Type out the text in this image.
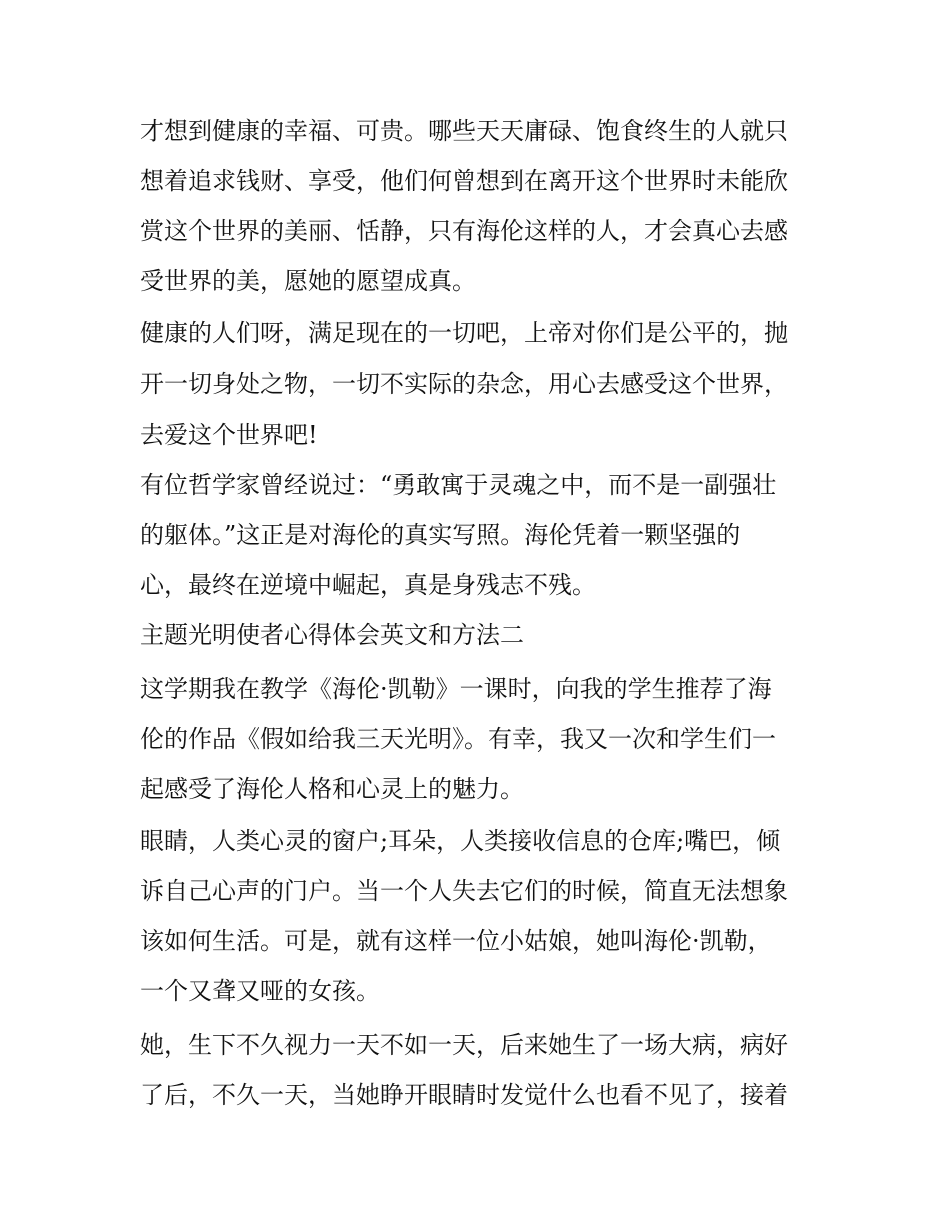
才想到健康的幸福、可贵。哪些天天庸碌、饱食终生的人就只
想着追求钱财、享受，他们何曾想到在离开这个世界时未能欣
赏这个世界的美丽、恬静，只有海伦这样的人，才会真心去感
受世界的美，愿她的愿望成真。
健康的人们呀，满足现在的一切吧，上帝对你们是公平的，抛
开一切身处之物，一切不实际的杂念，用心去感受这个世界，
去爱这个世界吧!
有位哲学家曾经说过：“勇敢寓于灵魂之中，而不是一副强壮
的躯体。”这正是对海伦的真实写照。海伦凭着一颗坚强的
心，最终在逆境中崛起，真是身残志不残。
主题光明使者心得体会英文和方法二
这学期我在教学《海伦·凯勒》一课时，向我的学生推荐了海
伦的作品《假如给我三天光明》。有幸，我又一次和学生们一
起感受了海伦人格和心灵上的魅力。
眼睛，人类心灵的窗户;耳朵，人类接收信息的仓库;嘴巴，倾
诉自己心声的门户。当一个人失去它们的时候，简直无法想象
该如何生活。可是，就有这样一位小姑娘，她叫海伦·凯勒，
一个又聋又哑的女孩。
她，生下不久视力一天不如一天，后来她生了一场大病，病好
了后，不久一天，当她睁开眼睛时发觉什么也看不见了，接着
